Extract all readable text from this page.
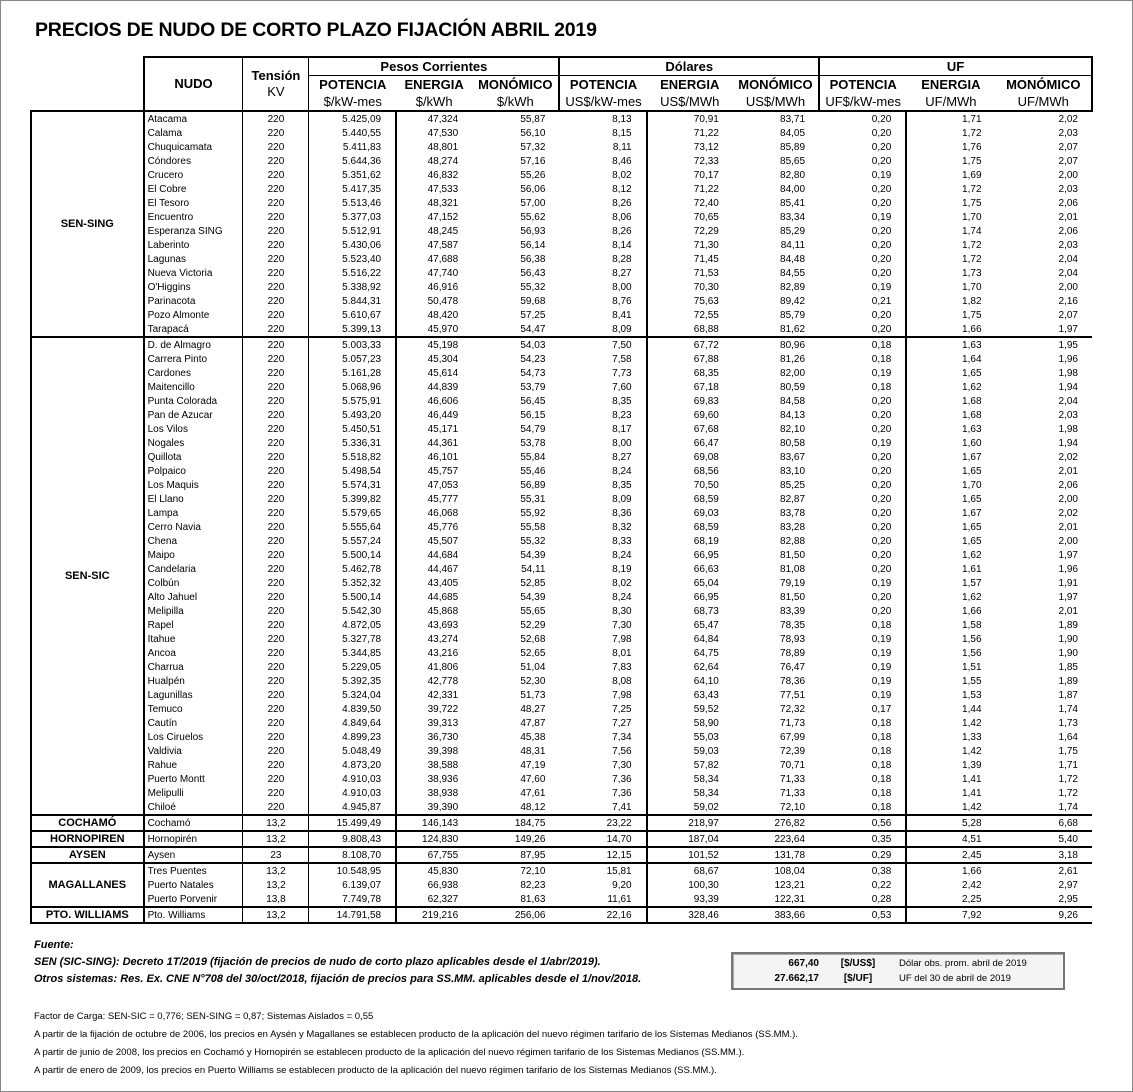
PRECIOS DE NUDO DE CORTO PLAZO FIJACIÓN ABRIL 2019
	NUDO	Tensión
KV	Pesos Corrientes			Dólares			UF		
			POTENCIA	ENERGIA	MONÓMICO	POTENCIA	ENERGIA	MONÓMICO	POTENCIA	ENERGIA	MONÓMICO
			$/kW-mes	$/kWh	$/kWh	US$/kW-mes	US$/MWh	US$/MWh	UF$/kW-mes	UF/MWh	UF/MWh
SEN-SING	Atacama	220	5.425,09	47,324	55,87	8,13	70,91	83,71	0,20	1,71	2,02
	Calama	220	5.440,55	47,530	56,10	8,15	71,22	84,05	0,20	1,72	2,03
	Chuquicamata	220	5.411,83	48,801	57,32	8,11	73,12	85,89	0,20	1,76	2,07
	Cóndores	220	5.644,36	48,274	57,16	8,46	72,33	85,65	0,20	1,75	2,07
	Crucero	220	5.351,62	46,832	55,26	8,02	70,17	82,80	0,19	1,69	2,00
	El Cobre	220	5.417,35	47,533	56,06	8,12	71,22	84,00	0,20	1,72	2,03
	El Tesoro	220	5.513,46	48,321	57,00	8,26	72,40	85,41	0,20	1,75	2,06
	Encuentro	220	5.377,03	47,152	55,62	8,06	70,65	83,34	0,19	1,70	2,01
	Esperanza SING	220	5.512,91	48,245	56,93	8,26	72,29	85,29	0,20	1,74	2,06
	Laberinto	220	5.430,06	47,587	56,14	8,14	71,30	84,11	0,20	1,72	2,03
	Lagunas	220	5.523,40	47,688	56,38	8,28	71,45	84,48	0,20	1,72	2,04
	Nueva Victoria	220	5.516,22	47,740	56,43	8,27	71,53	84,55	0,20	1,73	2,04
	O'Higgins	220	5.338,92	46,916	55,32	8,00	70,30	82,89	0,19	1,70	2,00
	Parinacota	220	5.844,31	50,478	59,68	8,76	75,63	89,42	0,21	1,82	2,16
	Pozo Almonte	220	5.610,67	48,420	57,25	8,41	72,55	85,79	0,20	1,75	2,07
	Tarapacá	220	5.399,13	45,970	54,47	8,09	68,88	81,62	0,20	1,66	1,97
SEN-SIC	D. de Almagro	220	5.003,33	45,198	54,03	7,50	67,72	80,96	0,18	1,63	1,95
	Carrera Pinto	220	5.057,23	45,304	54,23	7,58	67,88	81,26	0,18	1,64	1,96
	Cardones	220	5.161,28	45,614	54,73	7,73	68,35	82,00	0,19	1,65	1,98
	Maitencillo	220	5.068,96	44,839	53,79	7,60	67,18	80,59	0,18	1,62	1,94
	Punta Colorada	220	5.575,91	46,606	56,45	8,35	69,83	84,58	0,20	1,68	2,04
	Pan de Azucar	220	5.493,20	46,449	56,15	8,23	69,60	84,13	0,20	1,68	2,03
	Los Vilos	220	5.450,51	45,171	54,79	8,17	67,68	82,10	0,20	1,63	1,98
	Nogales	220	5.336,31	44,361	53,78	8,00	66,47	80,58	0,19	1,60	1,94
	Quillota	220	5.518,82	46,101	55,84	8,27	69,08	83,67	0,20	1,67	2,02
	Polpaico	220	5.498,54	45,757	55,46	8,24	68,56	83,10	0,20	1,65	2,01
	Los Maquis	220	5.574,31	47,053	56,89	8,35	70,50	85,25	0,20	1,70	2,06
	El Llano	220	5.399,82	45,777	55,31	8,09	68,59	82,87	0,20	1,65	2,00
	Lampa	220	5.579,65	46,068	55,92	8,36	69,03	83,78	0,20	1,67	2,02
	Cerro Navia	220	5.555,64	45,776	55,58	8,32	68,59	83,28	0,20	1,65	2,01
	Chena	220	5.557,24	45,507	55,32	8,33	68,19	82,88	0,20	1,65	2,00
	Maipo	220	5.500,14	44,684	54,39	8,24	66,95	81,50	0,20	1,62	1,97
	Candelaria	220	5.462,78	44,467	54,11	8,19	66,63	81,08	0,20	1,61	1,96
	Colbún	220	5.352,32	43,405	52,85	8,02	65,04	79,19	0,19	1,57	1,91
	Alto Jahuel	220	5.500,14	44,685	54,39	8,24	66,95	81,50	0,20	1,62	1,97
	Melipilla	220	5.542,30	45,868	55,65	8,30	68,73	83,39	0,20	1,66	2,01
	Rapel	220	4.872,05	43,693	52,29	7,30	65,47	78,35	0,18	1,58	1,89
	Itahue	220	5.327,78	43,274	52,68	7,98	64,84	78,93	0,19	1,56	1,90
	Ancoa	220	5.344,85	43,216	52,65	8,01	64,75	78,89	0,19	1,56	1,90
	Charrua	220	5.229,05	41,806	51,04	7,83	62,64	76,47	0,19	1,51	1,85
	Hualpén	220	5.392,35	42,778	52,30	8,08	64,10	78,36	0,19	1,55	1,89
	Lagunillas	220	5.324,04	42,331	51,73	7,98	63,43	77,51	0,19	1,53	1,87
	Temuco	220	4.839,50	39,722	48,27	7,25	59,52	72,32	0,17	1,44	1,74
	Cautín	220	4.849,64	39,313	47,87	7,27	58,90	71,73	0,18	1,42	1,73
	Los Ciruelos	220	4.899,23	36,730	45,38	7,34	55,03	67,99	0,18	1,33	1,64
	Valdivia	220	5.048,49	39,398	48,31	7,56	59,03	72,39	0,18	1,42	1,75
	Rahue	220	4.873,20	38,588	47,19	7,30	57,82	70,71	0,18	1,39	1,71
	Puerto Montt	220	4.910,03	38,936	47,60	7,36	58,34	71,33	0,18	1,41	1,72
	Melipulli	220	4.910,03	38,938	47,61	7,36	58,34	71,33	0,18	1,41	1,72
	Chiloé	220	4.945,87	39,390	48,12	7,41	59,02	72,10	0,18	1,42	1,74
COCHAMÓ	Cochamó	13,2	15.499,49	146,143	184,75	23,22	218,97	276,82	0,56	5,28	6,68
HORNOPIREN	Hornopirén	13,2	9.808,43	124,830	149,26	14,70	187,04	223,64	0,35	4,51	5,40
AYSEN	Aysen	23	8.108,70	67,755	87,95	12,15	101,52	131,78	0,29	2,45	3,18
MAGALLANES	Tres Puentes	13,2	10.548,95	45,830	72,10	15,81	68,67	108,04	0,38	1,66	2,61
	Puerto Natales	13,2	6.139,07	66,938	82,23	9,20	100,30	123,21	0,22	2,42	2,97
	Puerto Porvenir	13,8	7.749,78	62,327	81,63	11,61	93,39	122,31	0,28	2,25	2,95
PTO. WILLIAMS	Pto. Williams	13,2	14.791,58	219,216	256,06	22,16	328,46	383,66	0,53	7,92	9,26
Fuente:
SEN (SIC-SING): Decreto 1T/2019 (fijación de precios de nudo de corto plazo aplicables desde el 1/abr/2019).
Otros sistemas: Res. Ex. CNE N°708 del 30/oct/2018, fijación de precios para SS.MM. aplicables desde el 1/nov/2018.
667,40	[$/US$]	Dólar obs. prom. abril de 2019
27.662,17	[$/UF]	UF del 30 de abril de 2019
Factor de Carga: SEN-SIC = 0,776; SEN-SING = 0,87; Sistemas Aislados = 0,55
A partir de la fijación de octubre de 2006, los precios en Aysén y Magallanes se establecen producto de la aplicación del nuevo régimen tarifario de los Sistemas Medianos (SS.MM.).
A partir de junio de 2008, los precios en Cochamó y Hornopirén se establecen producto de la aplicación del nuevo régimen tarifario de los Sistemas Medianos (SS.MM.).
A partir de enero de 2009, los precios en Puerto Williams se establecen producto de la aplicación del nuevo régimen tarifario de los Sistemas Medianos (SS.MM.).
